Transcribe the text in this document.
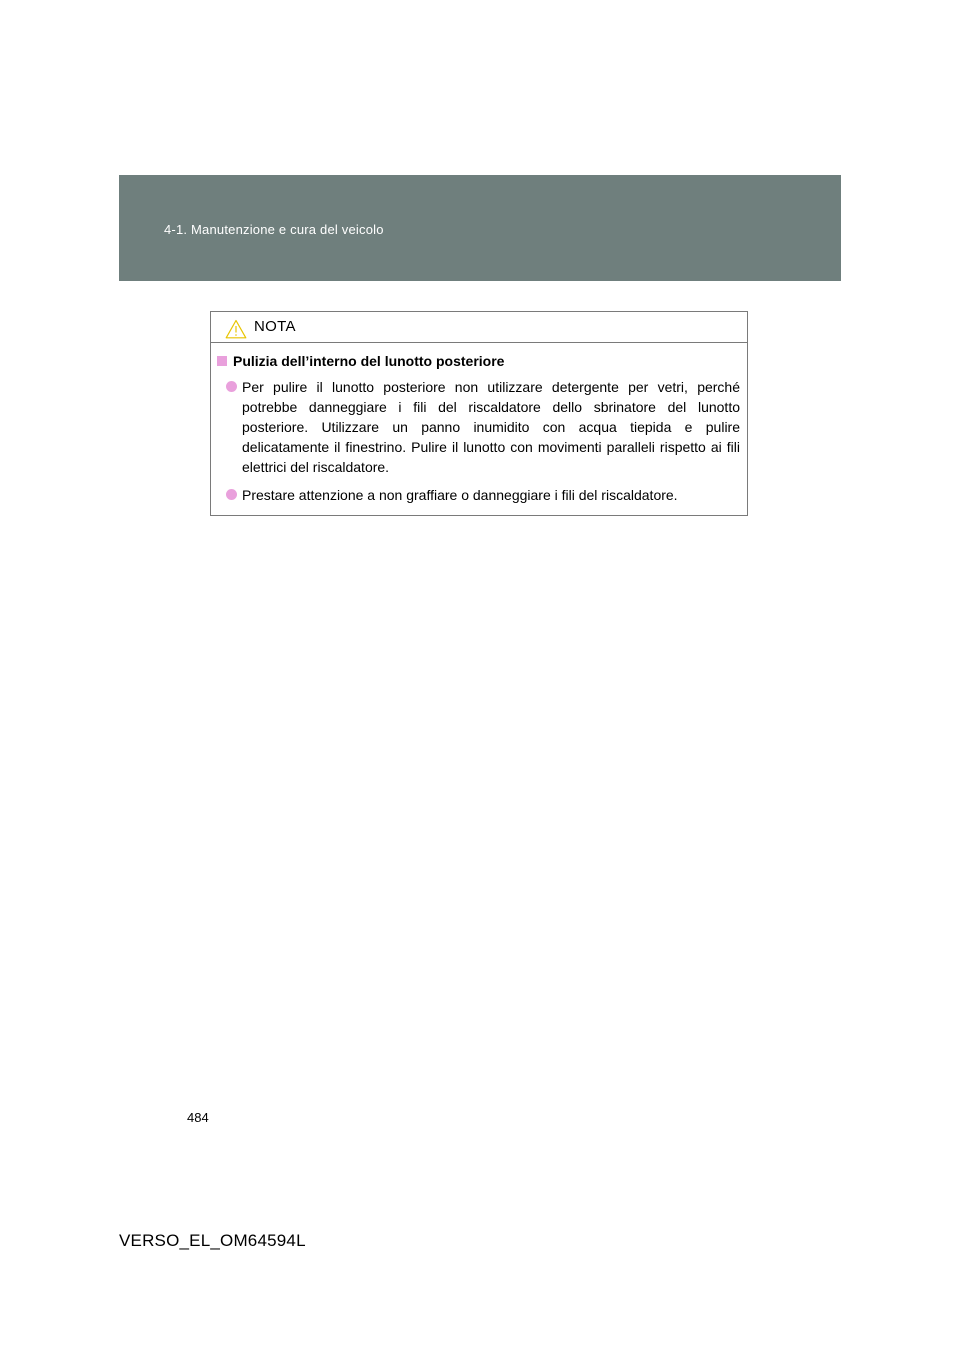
4-1. Manutenzione e cura del veicolo
NOTA
Pulizia dell’interno del lunotto posteriore
Per pulire il lunotto posteriore non utilizzare detergente per vetri, perché potrebbe danneggiare i fili del riscaldatore dello sbrinatore del lunotto posteriore. Utilizzare un panno inumidito con acqua tiepida e pulire delicatamente il finestrino. Pulire il lunotto con movimenti paralleli rispetto ai fili elettrici del riscaldatore.
Prestare attenzione a non graffiare o danneggiare i fili del riscaldatore.
484
VERSO_EL_OM64594L
